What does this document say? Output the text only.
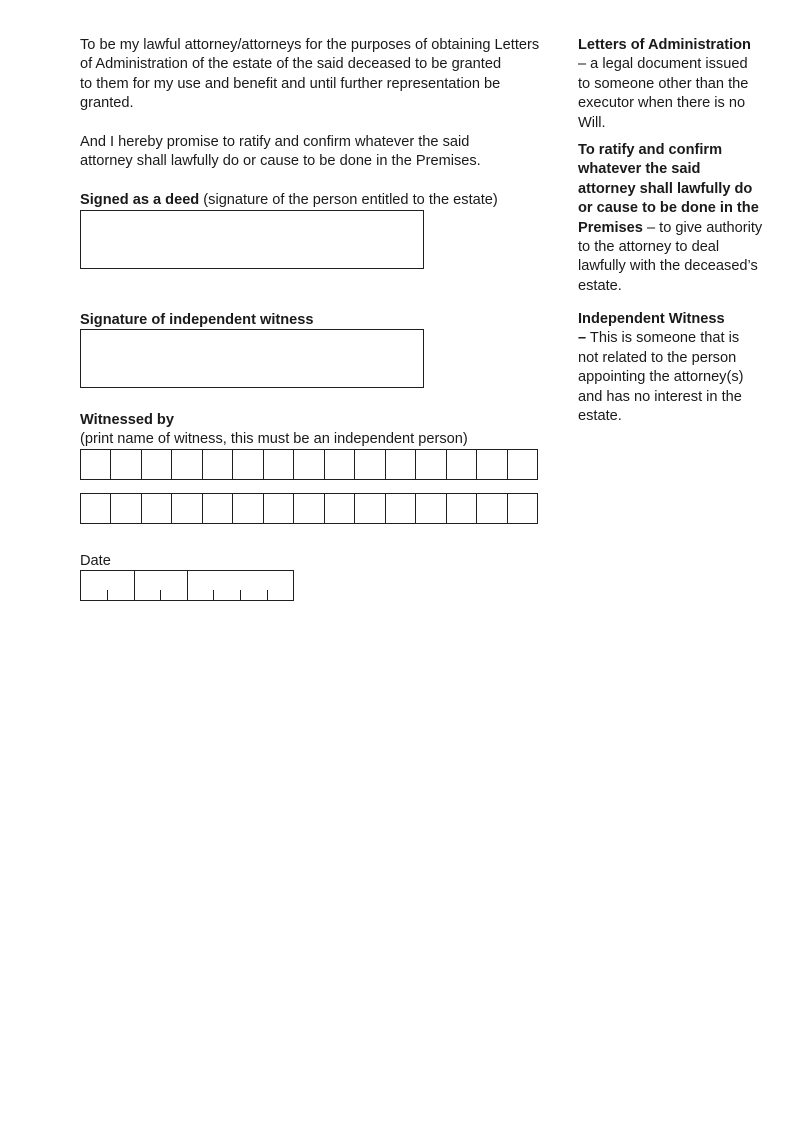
To be my lawful attorney/attorneys for the purposes of obtaining Letters
of Administration of the estate of the said deceased to be granted
to them for my use and benefit and until further representation be
granted.

And I hereby promise to ratify and confirm whatever the said
attorney shall lawfully do or cause to be done in the Premises.

Signed as a deed (signature of the person entitled to the estate)
Signature of independent witness
Witnessed by
(print name of witness, this must be an independent person)
Date

Letters of Administration
– a legal document issued
to someone other than the
executor when there is no
Will.

To ratify and confirm
whatever the said
attorney shall lawfully do
or cause to be done in the
Premises – to give authority
to the attorney to deal
lawfully with the deceased’s
estate.

Independent Witness
– This is someone that is
not related to the person
appointing the attorney(s)
and has no interest in the
estate.
